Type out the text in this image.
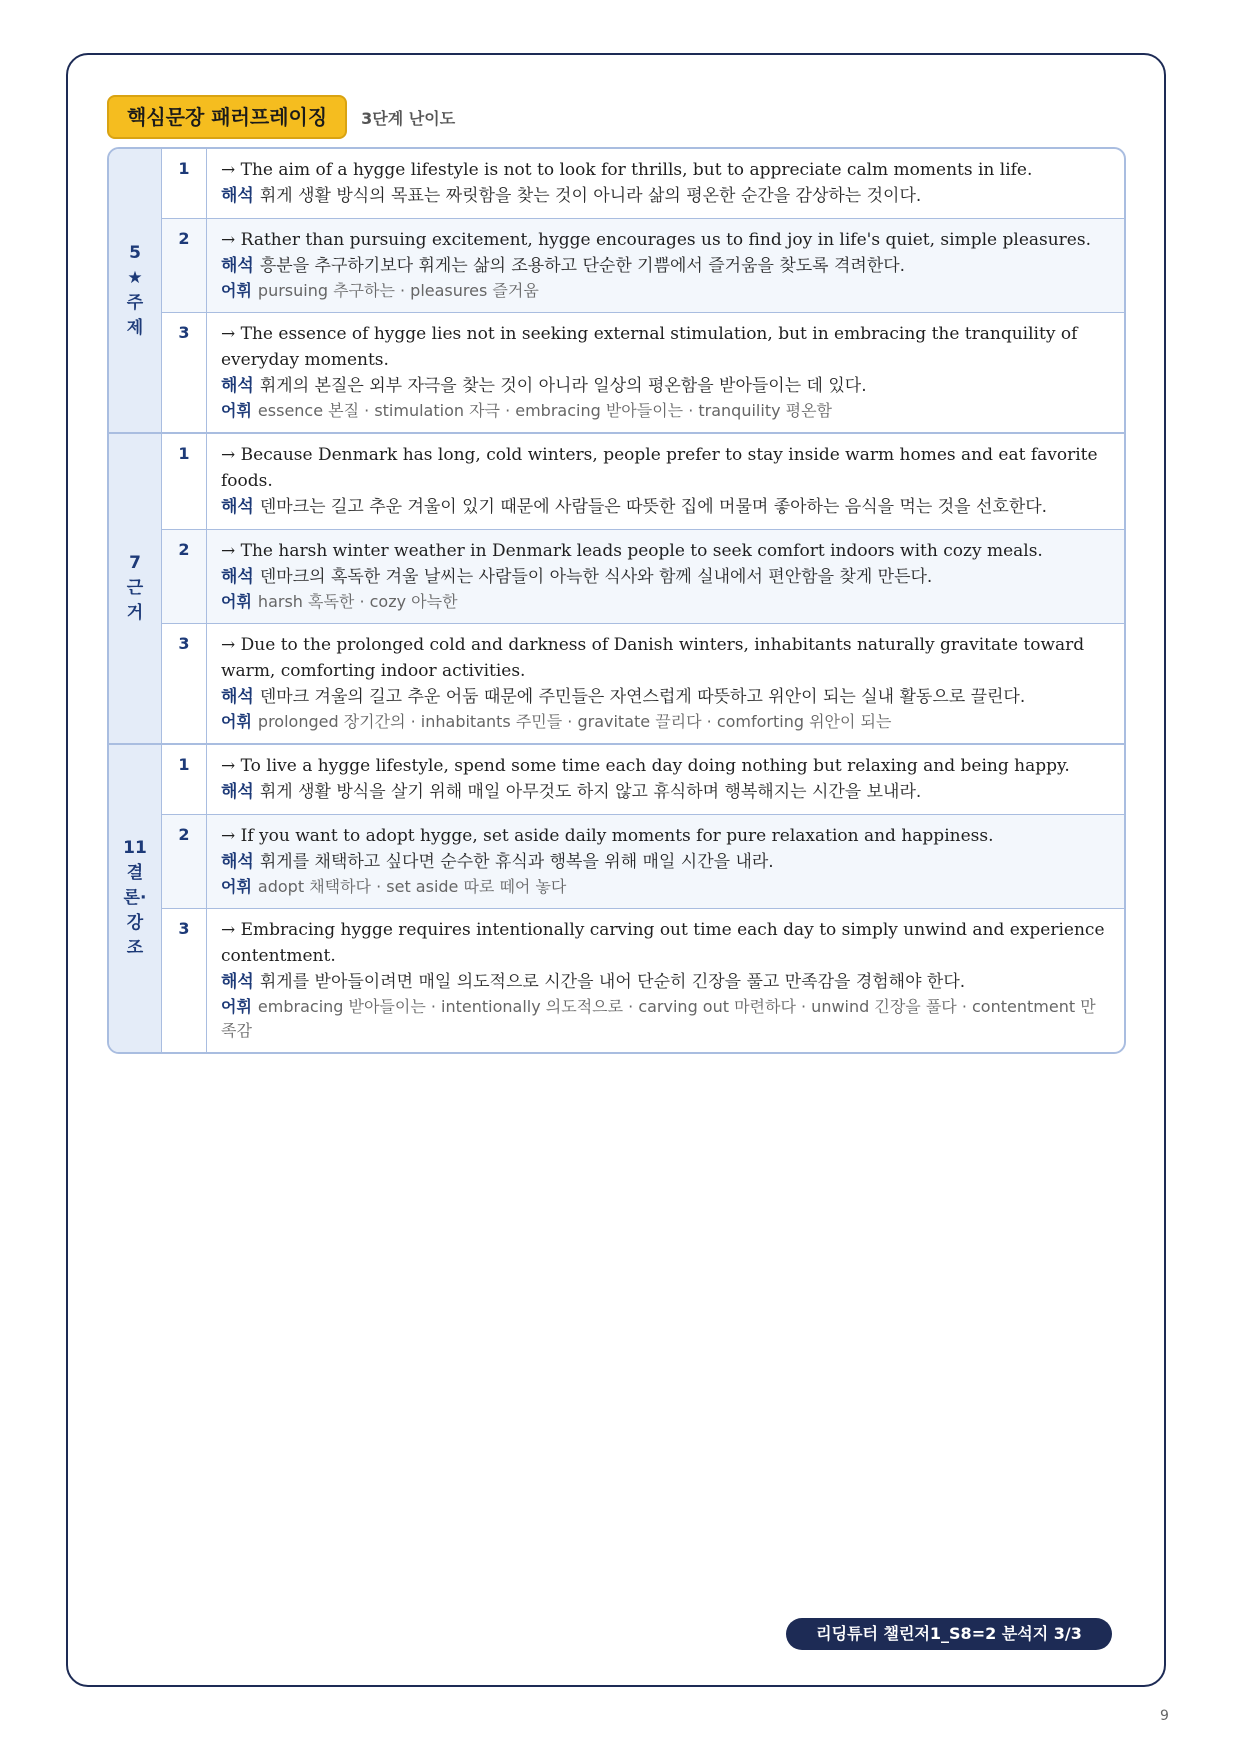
핵심문장 패러프레이징	3단계 난이도
5
★
주
제
1	→ The aim of a hygge lifestyle is not to look for thrills, but to appreciate calm moments in life.
해석 휘게 생활 방식의 목표는 짜릿함을 찾는 것이 아니라 삶의 평온한 순간을 감상하는 것이다.
2	→ Rather than pursuing excitement, hygge encourages us to find joy in life's quiet, simple pleasures.
해석 흥분을 추구하기보다 휘게는 삶의 조용하고 단순한 기쁨에서 즐거움을 찾도록 격려한다.
어휘 pursuing 추구하는 · pleasures 즐거움
3	→ The essence of hygge lies not in seeking external stimulation, but in embracing the tranquility of everyday moments.
해석 휘게의 본질은 외부 자극을 찾는 것이 아니라 일상의 평온함을 받아들이는 데 있다.
어휘 essence 본질 · stimulation 자극 · embracing 받아들이는 · tranquility 평온함
7
근
거
1	→ Because Denmark has long, cold winters, people prefer to stay inside warm homes and eat favorite foods.
해석 덴마크는 길고 추운 겨울이 있기 때문에 사람들은 따뜻한 집에 머물며 좋아하는 음식을 먹는 것을 선호한다.
2	→ The harsh winter weather in Denmark leads people to seek comfort indoors with cozy meals.
해석 덴마크의 혹독한 겨울 날씨는 사람들이 아늑한 식사와 함께 실내에서 편안함을 찾게 만든다.
어휘 harsh 혹독한 · cozy 아늑한
3	→ Due to the prolonged cold and darkness of Danish winters, inhabitants naturally gravitate toward warm, comforting indoor activities.
해석 덴마크 겨울의 길고 추운 어둠 때문에 주민들은 자연스럽게 따뜻하고 위안이 되는 실내 활동으로 끌린다.
어휘 prolonged 장기간의 · inhabitants 주민들 · gravitate 끌리다 · comforting 위안이 되는
11
결
론·
강
조
1	→ To live a hygge lifestyle, spend some time each day doing nothing but relaxing and being happy.
해석 휘게 생활 방식을 살기 위해 매일 아무것도 하지 않고 휴식하며 행복해지는 시간을 보내라.
2	→ If you want to adopt hygge, set aside daily moments for pure relaxation and happiness.
해석 휘게를 채택하고 싶다면 순수한 휴식과 행복을 위해 매일 시간을 내라.
어휘 adopt 채택하다 · set aside 따로 떼어 놓다
3	→ Embracing hygge requires intentionally carving out time each day to simply unwind and experience contentment.
해석 휘게를 받아들이려면 매일 의도적으로 시간을 내어 단순히 긴장을 풀고 만족감을 경험해야 한다.
어휘 embracing 받아들이는 · intentionally 의도적으로 · carving out 마련하다 · unwind 긴장을 풀다 · contentment 만족감
리딩튜터 챌린저1_S8=2 분석지 3/3
9
